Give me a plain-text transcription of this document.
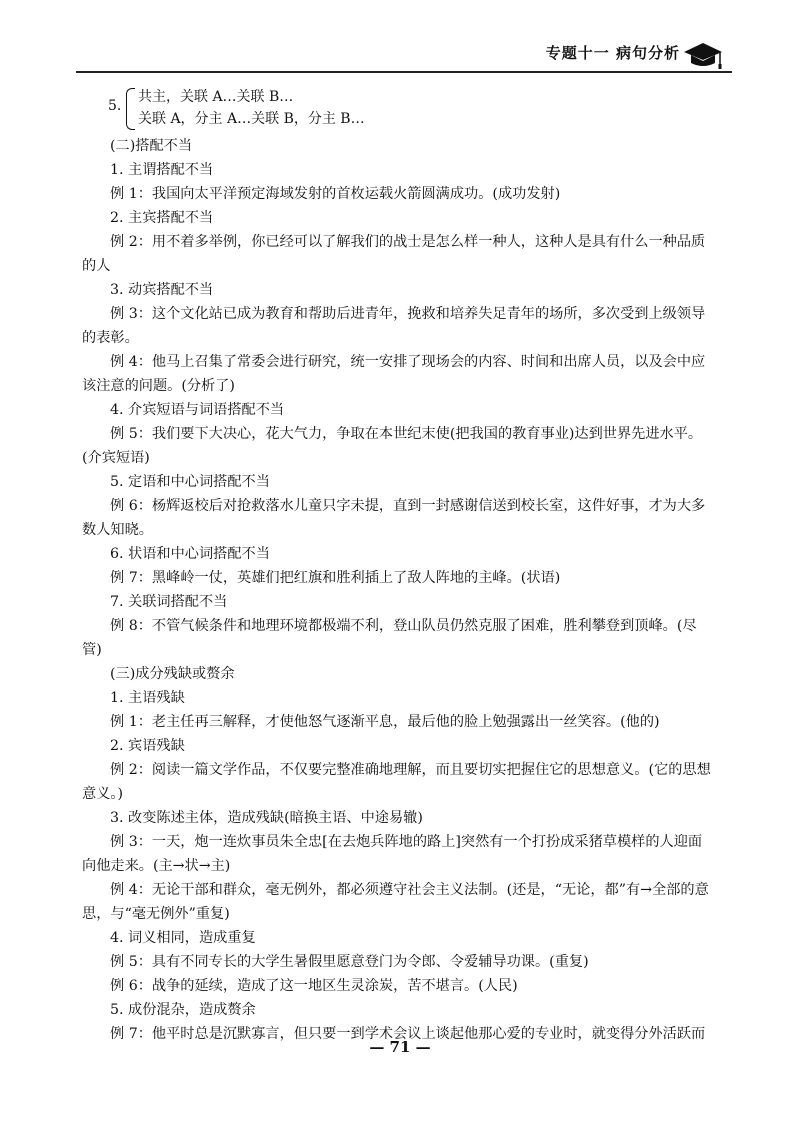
专题十一 病句分析
5.
共主，关联 A…关联 B…
关联 A，分主 A…关联 B，分主 B…

(二)搭配不当

1. 主谓搭配不当

例 1：我国向太平洋预定海域发射的首枚运载火箭圆满成功。(成功发射)

2. 主宾搭配不当

例 2：用不着多举例，你已经可以了解我们的战士是怎么样一种人，这种人是具有什么一种品质

的人

3. 动宾搭配不当

例 3：这个文化站已成为教育和帮助后进青年，挽救和培养失足青年的场所，多次受到上级领导

的表彰。

例 4：他马上召集了常委会进行研究，统一安排了现场会的内容、时间和出席人员，以及会中应

该注意的问题。(分析了)

4. 介宾短语与词语搭配不当

例 5：我们要下大决心，花大气力，争取在本世纪末使(把我国的教育事业)达到世界先进水平。

(介宾短语)

5. 定语和中心词搭配不当

例 6：杨辉返校后对抢救落水儿童只字未提，直到一封感谢信送到校长室，这件好事，才为大多

数人知晓。

6. 状语和中心词搭配不当

例 7：黑峰岭一仗，英雄们把红旗和胜利插上了敌人阵地的主峰。(状语)

7. 关联词搭配不当

例 8：不管气候条件和地理环境都极端不利，登山队员仍然克服了困难，胜利攀登到顶峰。(尽

管)

(三)成分残缺或赘余

1. 主语残缺

例 1：老主任再三解释，才使他怒气逐渐平息，最后他的脸上勉强露出一丝笑容。(他的)

2. 宾语残缺

例 2：阅读一篇文学作品，不仅要完整准确地理解，而且要切实把握住它的思想意义。(它的思想

意义。)

3. 改变陈述主体，造成残缺(暗换主语、中途易辙)

例 3：一天，炮一连炊事员朱全忠[在去炮兵阵地的路上]突然有一个打扮成采猪草模样的人迎面

向他走来。(主→状→主)

例 4：无论干部和群众，毫无例外，都必须遵守社会主义法制。(还是，“无论，都”有→全部的意

思，与“毫无例外”重复)

4. 词义相同，造成重复

例 5：具有不同专长的大学生暑假里愿意登门为令郎、令爱辅导功课。(重复)

例 6：战争的延续，造成了这一地区生灵涂炭，苦不堪言。(人民)

5. 成份混杂，造成赘余

例 7：他平时总是沉默寡言，但只要一到学术会议上谈起他那心爱的专业时，就变得分外活跃而

— 71 —
